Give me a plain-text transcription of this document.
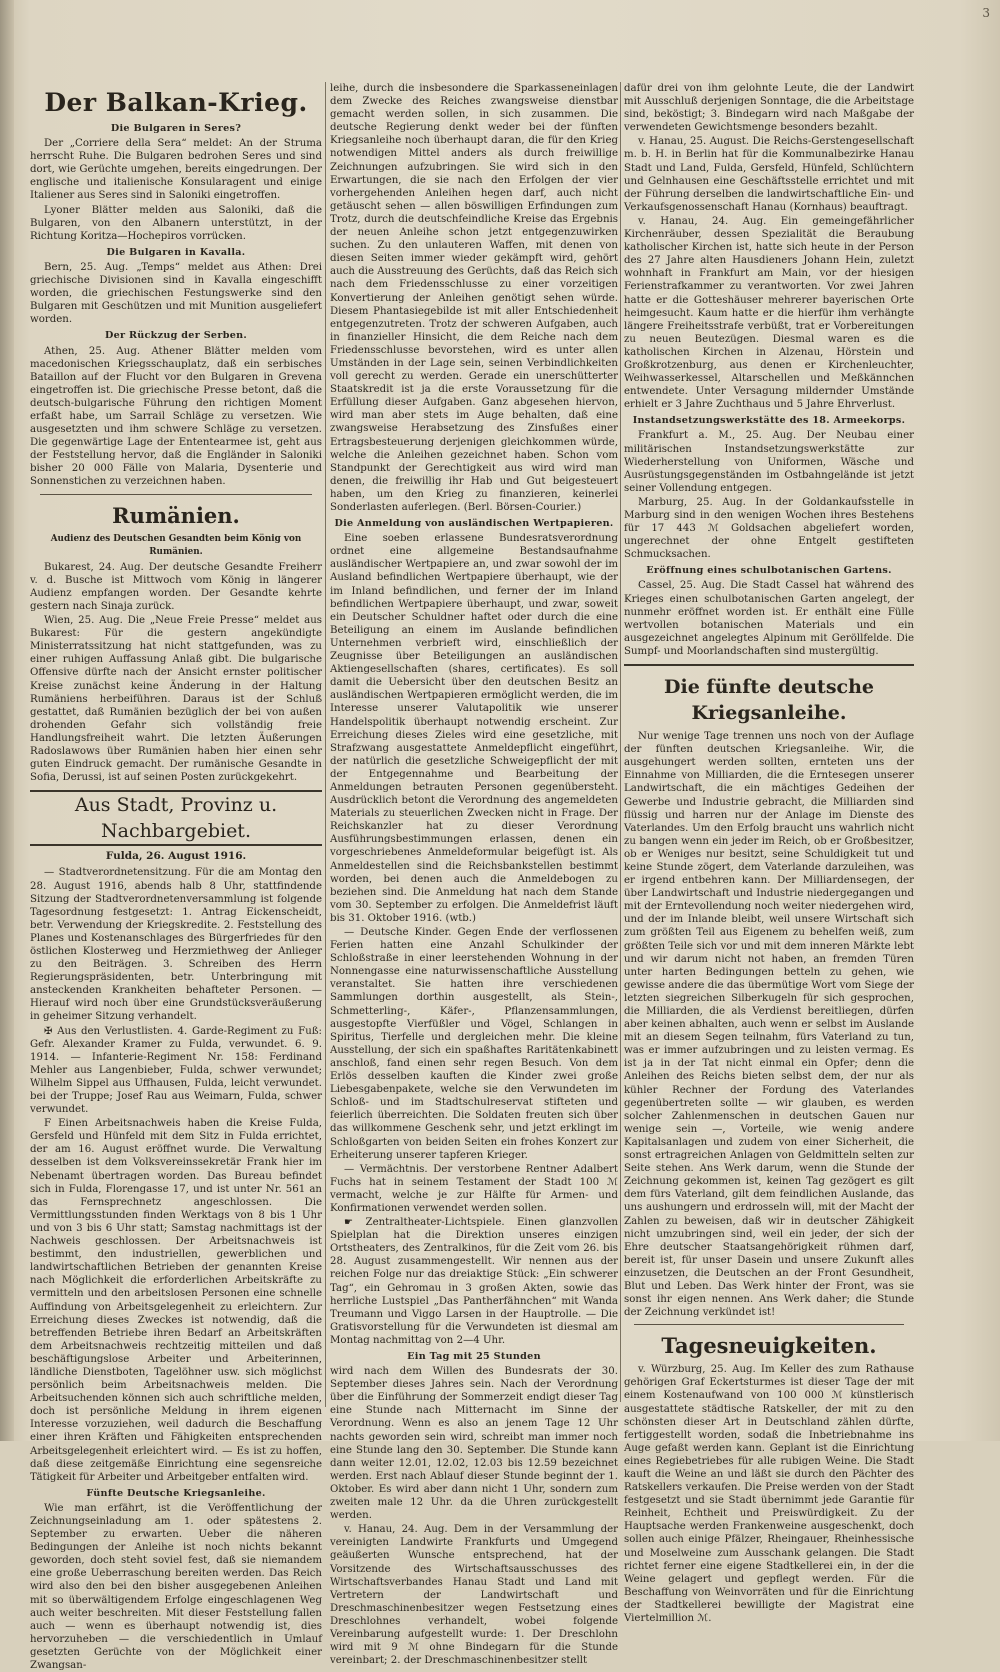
3
Der Balkan-Krieg.
Die Bulgaren in Seres?

Der „Corriere della Sera“ meldet: An der Struma herrscht Ruhe. Die Bulgaren bedrohen Seres und sind dort, wie Gerüchte umgehen, bereits eingedrungen. Der englische und italienische Konsularagent und einige Italiener aus Seres sind in Saloniki eingetroffen.

Lyoner Blätter melden aus Saloniki, daß die Bulgaren, von den Albanern unterstützt, in der Richtung Koritza—Hochepiros vorrücken.

Die Bulgaren in Kavalla.

Bern, 25. Aug. „Temps“ meldet aus Athen: Drei griechische Divisionen sind in Kavalla eingeschifft worden, die griechischen Festungswerke sind den Bulgaren mit Geschützen und mit Munition ausgeliefert worden.

Der Rückzug der Serben.

Athen, 25. Aug. Athener Blätter melden vom macedonischen Kriegsschauplatz, daß ein serbisches Bataillon auf der Flucht vor den Bulgaren in Grevena eingetroffen ist. Die griechische Presse betont, daß die deutsch-bulgarische Führung den richtigen Moment erfaßt habe, um Sarrail Schläge zu versetzen. Wie ausgesetzten und ihm schwere Schläge zu versetzen. Die gegenwärtige Lage der Ententearmee ist, geht aus der Feststellung hervor, daß die Engländer in Saloniki bisher 20 000 Fälle von Malaria, Dysenterie und Sonnenstichen zu verzeichnen haben.

Rumänien.
Audienz des Deutschen Gesandten beim König von Rumänien.

Bukarest, 24. Aug. Der deutsche Gesandte Freiherr v. d. Busche ist Mittwoch vom König in längerer Audienz empfangen worden. Der Gesandte kehrte gestern nach Sinaja zurück.

Wien, 25. Aug. Die „Neue Freie Presse“ meldet aus Bukarest: Für die gestern angekündigte Ministerratssitzung hat nicht stattgefunden, was zu einer ruhigen Auffassung Anlaß gibt. Die bulgarische Offensive dürfte nach der Ansicht ernster politischer Kreise zunächst keine Änderung in der Haltung Rumäniens herbeiführen. Daraus ist der Schluß gestattet, daß Rumänien bezüglich der bei von außen drohenden Gefahr sich vollständig freie Handlungsfreiheit wahrt. Die letzten Äußerungen Radoslawows über Rumänien haben hier einen sehr guten Eindruck gemacht. Der rumänische Gesandte in Sofia, Derussi, ist auf seinen Posten zurückgekehrt.

Aus Stadt, Provinz u. Nachbargebiet.
Fulda, 26. August 1916.

— Stadtverordnetensitzung. Für die am Montag den 28. August 1916, abends halb 8 Uhr, stattfindende Sitzung der Stadtverordnetenversammlung ist folgende Tagesordnung festgesetzt: 1. Antrag Eickenscheidt, betr. Verwendung der Kriegskredite. 2. Feststellung des Planes und Kostenanschlages des Bürgerfriedes für den östlichen Klosterweg und Herzmiethweg der Anlieger zu den Beiträgen. 3. Schreiben des Herrn Regierungspräsidenten, betr. Unterbringung mit ansteckenden Krankheiten behafteter Personen. — Hierauf wird noch über eine Grundstücksveräußerung in geheimer Sitzung verhandelt.

✠ Aus den Verlustlisten. 4. Garde-Regiment zu Fuß: Gefr. Alexander Kramer zu Fulda, verwundet. 6. 9. 1914. — Infanterie-Regiment Nr. 158: Ferdinand Mehler aus Langenbieber, Fulda, schwer verwundet; Wilhelm Sippel aus Uffhausen, Fulda, leicht verwundet. bei der Truppe; Josef Rau aus Weimarn, Fulda, schwer verwundet.

F Einen Arbeitsnachweis haben die Kreise Fulda, Gersfeld und Hünfeld mit dem Sitz in Fulda errichtet, der am 16. August eröffnet wurde. Die Verwaltung desselben ist dem Volksvereinssekretär Frank hier im Nebenamt übertragen worden. Das Bureau befindet sich in Fulda, Florengasse 17, und ist unter Nr. 561 an das Fernsprechnetz angeschlossen. Die Vermittlungsstunden finden Werktags von 8 bis 1 Uhr und von 3 bis 6 Uhr statt; Samstag nachmittags ist der Nachweis geschlossen. Der Arbeitsnachweis ist bestimmt, den industriellen, gewerblichen und landwirtschaftlichen Betrieben der genannten Kreise nach Möglichkeit die erforderlichen Arbeitskräfte zu vermitteln und den arbeitslosen Personen eine schnelle Auffindung von Arbeitsgelegenheit zu erleichtern. Zur Erreichung dieses Zweckes ist notwendig, daß die betreffenden Betriebe ihren Bedarf an Arbeitskräften dem Arbeitsnachweis rechtzeitig mitteilen und daß beschäftigungslose Arbeiter und Arbeiterinnen, ländliche Dienstboten, Tagelöhner usw. sich möglichst persönlich beim Arbeitsnachweis melden. Die Arbeitsuchenden können sich auch schriftliche melden, doch ist persönliche Meldung in ihrem eigenen Interesse vorzuziehen, weil dadurch die Beschaffung einer ihren Kräften und Fähigkeiten entsprechenden Arbeitsgelegenheit erleichtert wird. — Es ist zu hoffen, daß diese zeitgemäße Einrichtung eine segensreiche Tätigkeit für Arbeiter und Arbeitgeber entfalten wird.

Fünfte Deutsche Kriegsanleihe.

Wie man erfährt, ist die Veröffentlichung der Zeichnungseinladung am 1. oder spätestens 2. September zu erwarten. Ueber die näheren Bedingungen der Anleihe ist noch nichts bekannt geworden, doch steht soviel fest, daß sie niemandem eine große Ueberraschung bereiten werden. Das Reich wird also den bei den bisher ausgegebenen Anleihen mit so überwältigendem Erfolge eingeschlagenen Weg auch weiter beschreiten. Mit dieser Feststellung fallen auch — wenn es überhaupt notwendig ist, dies hervorzuheben — die verschiedentlich in Umlauf gesetzten Gerüchte von der Möglichkeit einer Zwangsan-

leihe, durch die insbesondere die Sparkasseneinlagen dem Zwecke des Reiches zwangsweise dienstbar gemacht werden sollen, in sich zusammen. Die deutsche Regierung denkt weder bei der fünften Kriegsanleihe noch überhaupt daran, die für den Krieg notwendigen Mittel anders als durch freiwillige Zeichnungen aufzubringen. Sie wird sich in den Erwartungen, die sie nach den Erfolgen der vier vorhergehenden Anleihen hegen darf, auch nicht getäuscht sehen — allen böswilligen Erfindungen zum Trotz, durch die deutschfeindliche Kreise das Ergebnis der neuen Anleihe schon jetzt entgegenzuwirken suchen. Zu den unlauteren Waffen, mit denen von diesen Seiten immer wieder gekämpft wird, gehört auch die Ausstreuung des Gerüchts, daß das Reich sich nach dem Friedensschlusse zu einer vorzeitigen Konvertierung der Anleihen genötigt sehen würde. Diesem Phantasiegebilde ist mit aller Entschiedenheit entgegenzutreten. Trotz der schweren Aufgaben, auch in finanzieller Hinsicht, die dem Reiche nach dem Friedensschlusse bevorstehen, wird es unter allen Umständen in der Lage sein, seinen Verbindlichkeiten voll gerecht zu werden. Gerade ein unerschütterter Staatskredit ist ja die erste Voraussetzung für die Erfüllung dieser Aufgaben. Ganz abgesehen hiervon, wird man aber stets im Auge behalten, daß eine zwangsweise Herabsetzung des Zinsfußes einer Ertragsbesteuerung derjenigen gleichkommen würde, welche die Anleihen gezeichnet haben. Schon vom Standpunkt der Gerechtigkeit aus wird wird man denen, die freiwillig ihr Hab und Gut beigesteuert haben, um den Krieg zu finanzieren, keinerlei Sonderlasten auferlegen. (Berl. Börsen-Courier.)

Die Anmeldung von ausländischen Wertpapieren.

Eine soeben erlassene Bundesratsverordnung ordnet eine allgemeine Bestandsaufnahme ausländischer Wertpapiere an, und zwar sowohl der im Ausland befindlichen Wertpapiere überhaupt, wie der im Inland befindlichen, und ferner der im Inland befindlichen Wertpapiere überhaupt, und zwar, soweit ein Deutscher Schuldner haftet oder durch die eine Beteiligung an einem im Auslande befindlichen Unternehmen verbrieft wird, einschließlich der Zeugnisse über Beteiligungen an ausländischen Aktiengesellschaften (shares, certificates). Es soll damit die Uebersicht über den deutschen Besitz an ausländischen Wertpapieren ermöglicht werden, die im Interesse unserer Valutapolitik wie unserer Handelspolitik überhaupt notwendig erscheint. Zur Erreichung dieses Zieles wird eine gesetzliche, mit Strafzwang ausgestattete Anmeldepflicht eingeführt, der natürlich die gesetzliche Schweigepflicht der mit der Entgegennahme und Bearbeitung der Anmeldungen betrauten Personen gegenübersteht. Ausdrücklich betont die Verordnung des angemeldeten Materials zu steuerlichen Zwecken nicht in Frage. Der Reichskanzler hat zu dieser Verordnung Ausführungsbestimmungen erlassen, denen ein vorgeschriebenes Anmeldeformular beigefügt ist. Als Anmeldestellen sind die Reichsbankstellen bestimmt worden, bei denen auch die Anmeldebogen zu beziehen sind. Die Anmeldung hat nach dem Stande vom 30. September zu erfolgen. Die Anmeldefrist läuft bis 31. Oktober 1916. (wtb.)

— Deutsche Kinder. Gegen Ende der verflossenen Ferien hatten eine Anzahl Schulkinder der Schloßstraße in einer leerstehenden Wohnung in der Nonnengasse eine naturwissenschaftliche Ausstellung veranstaltet. Sie hatten ihre verschiedenen Sammlungen dorthin ausgestellt, als Stein-, Schmetterling-, Käfer-, Pflanzensammlungen, ausgestopfte Vierfüßler und Vögel, Schlangen in Spiritus, Tierfelle und dergleichen mehr. Die kleine Ausstellung, der sich ein spaßhaftes Raritätenkabinett anschloß, fand einen sehr regen Besuch. Von dem Erlös desselben kauften die Kinder zwei große Liebesgabenpakete, welche sie den Verwundeten im Schloß- und im Stadtschulreservat stifteten und feierlich überreichten. Die Soldaten freuten sich über das willkommene Geschenk sehr, und jetzt erklingt im Schloßgarten von beiden Seiten ein frohes Konzert zur Erheiterung unserer tapferen Krieger.

— Vermächtnis. Der verstorbene Rentner Adalbert Fuchs hat in seinem Testament der Stadt 100 ℳ vermacht, welche je zur Hälfte für Armen- und Konfirmationen verwendet werden sollen.

☛ Zentraltheater-Lichtspiele. Einen glanzvollen Spielplan hat die Direktion unseres einzigen Ortstheaters, des Zentralkinos, für die Zeit vom 26. bis 28. August zusammengestellt. Wir nennen aus der reichen Folge nur das dreiaktige Stück: „Ein schwerer Tag“, ein Gehromau in 3 großen Akten, sowie das herrliche Lustspiel „Das Pantherfähnchen“ mit Wanda Treumann und Viggo Larsen in der Hauptrolle. — Die Gratisvorstellung für die Verwundeten ist diesmal am Montag nachmittag von 2—4 Uhr.

Ein Tag mit 25 Stunden

wird nach dem Willen des Bundesrats der 30. September dieses Jahres sein. Nach der Verordnung über die Einführung der Sommerzeit endigt dieser Tag eine Stunde nach Mitternacht im Sinne der Verordnung. Wenn es also an jenem Tage 12 Uhr nachts geworden sein wird, schreibt man immer noch eine Stunde lang den 30. September. Die Stunde kann dann weiter 12.01, 12.02, 12.03 bis 12.59 bezeichnet werden. Erst nach Ablauf dieser Stunde beginnt der 1. Oktober. Es wird aber dann nicht 1 Uhr, sondern zum zweiten male 12 Uhr. da die Uhren zurückgestellt werden.

v. Hanau, 24. Aug. Dem in der Versammlung der vereinigten Landwirte Frankfurts und Umgegend geäußerten Wunsche entsprechend, hat der Vorsitzende des Wirtschaftsausschusses des Wirtschaftsverbandes Hanau Stadt und Land mit Vertretern der Landwirtschaft und Dreschmaschinenbesitzer wegen Festsetzung eines Dreschlohnes verhandelt, wobei folgende Vereinbarung aufgestellt wurde: 1. Der Dreschlohn wird mit 9 ℳ ohne Bindegarn für die Stunde vereinbart; 2. der Dreschmaschinenbesitzer stellt

dafür drei von ihm gelohnte Leute, die der Landwirt mit Ausschluß derjenigen Sonntage, die die Arbeitstage sind, beköstigt; 3. Bindegarn wird nach Maßgabe der verwendeten Gewichtsmenge besonders bezahlt.

v. Hanau, 25. August. Die Reichs-Gerstengesellschaft m. b. H. in Berlin hat für die Kommunalbezirke Hanau Stadt und Land, Fulda, Gersfeld, Hünfeld, Schlüchtern und Gelnhausen eine Geschäftsstelle errichtet und mit der Führung derselben die landwirtschaftliche Ein- und Verkaufsgenossenschaft Hanau (Kornhaus) beauftragt.

v. Hanau, 24. Aug. Ein gemeingefährlicher Kirchenräuber, dessen Spezialität die Beraubung katholischer Kirchen ist, hatte sich heute in der Person des 27 Jahre alten Hausdieners Johann Hein, zuletzt wohnhaft in Frankfurt am Main, vor der hiesigen Ferienstrafkammer zu verantworten. Vor zwei Jahren hatte er die Gotteshäuser mehrerer bayerischen Orte heimgesucht. Kaum hatte er die hierfür ihm verhängte längere Freiheitsstrafe verbüßt, trat er Vorbereitungen zu neuen Beutezügen. Diesmal waren es die katholischen Kirchen in Alzenau, Hörstein und Großkrotzenburg, aus denen er Kirchenleuchter, Weihwasserkessel, Altarschellen und Meßkännchen entwendete. Unter Versagung mildernder Umstände erhielt er 3 Jahre Zuchthaus und 5 Jahre Ehrverlust.

Instandsetzungswerkstätte des 18. Armeekorps.

Frankfurt a. M., 25. Aug. Der Neubau einer militärischen Instandsetzungswerkstätte zur Wiederherstellung von Uniformen, Wäsche und Ausrüstungsgegenständen im Ostbahngelände ist jetzt seiner Vollendung entgegen.

Marburg, 25. Aug. In der Goldankaufsstelle in Marburg sind in den wenigen Wochen ihres Bestehens für 17 443 ℳ Goldsachen abgeliefert worden, ungerechnet der ohne Entgelt gestifteten Schmucksachen.

Eröffnung eines schulbotanischen Gartens.

Cassel, 25. Aug. Die Stadt Cassel hat während des Krieges einen schulbotanischen Garten angelegt, der nunmehr eröffnet worden ist. Er enthält eine Fülle wertvollen botanischen Materials und ein ausgezeichnet angelegtes Alpinum mit Geröllfelde. Die Sumpf- und Moorlandschaften sind mustergültig.

Die fünfte deutsche Kriegsanleihe.

Nur wenige Tage trennen uns noch von der Auflage der fünften deutschen Kriegsanleihe. Wir, die ausgehungert werden sollten, ernteten uns der Einnahme von Milliarden, die die Erntesegen unserer Landwirtschaft, die ein mächtiges Gedeihen der Gewerbe und Industrie gebracht, die Milliarden sind flüssig und harren nur der Anlage im Dienste des Vaterlandes. Um den Erfolg braucht uns wahrlich nicht zu bangen wenn ein jeder im Reich, ob er Großbesitzer, ob er Weniges nur besitzt, seine Schuldigkeit tut und keine Stunde zögert, dem Vaterlande darzuleihen, was er irgend entbehren kann. Der Milliardensegen, der über Landwirtschaft und Industrie niedergegangen und mit der Erntevollendung noch weiter niedergehen wird, und der im Inlande bleibt, weil unsere Wirtschaft sich zum größten Teil aus Eigenem zu behelfen weiß, zum größten Teile sich vor und mit dem inneren Märkte lebt und wir darum nicht not haben, an fremden Türen unter harten Bedingungen betteln zu gehen, wie gewisse andere die das übermütige Wort vom Siege der letzten siegreichen Silberkugeln für sich gesprochen, die Milliarden, die als Verdienst bereitliegen, dürfen aber keinen abhalten, auch wenn er selbst im Auslande mit an diesem Segen teilnahm, fürs Vaterland zu tun, was er immer aufzubringen und zu leisten vermag. Es ist ja in der Tat nicht einmal ein Opfer; denn die Anleihen des Reichs bieten selbst dem, der nur als kühler Rechner der Fordung des Vaterlandes gegenübertreten sollte — wir glauben, es werden solcher Zahlenmenschen in deutschen Gauen nur wenige sein —, Vorteile, wie wenig andere Kapitalsanlagen und zudem von einer Sicherheit, die sonst ertragreichen Anlagen von Geldmitteln selten zur Seite stehen. Ans Werk darum, wenn die Stunde der Zeichnung gekommen ist, keinen Tag gezögert es gilt dem fürs Vaterland, gilt dem feindlichen Auslande, das uns aushungern und erdrosseln will, mit der Macht der Zahlen zu beweisen, daß wir in deutscher Zähigkeit nicht umzubringen sind, weil ein jeder, der sich der Ehre deutscher Staatsangehörigkeit rühmen darf, bereit ist, für unser Dasein und unsere Zukunft alles einzusetzen, die Deutschen an der Front Gesundheit, Blut und Leben. Das Werk hinter der Front, was sie sonst ihr eigen nennen. Ans Werk daher; die Stunde der Zeichnung verkündet ist!

Tagesneuigkeiten.

v. Würzburg, 25. Aug. Im Keller des zum Rathause gehörigen Graf Eckertsturmes ist dieser Tage der mit einem Kostenaufwand von 100 000 ℳ künstlerisch ausgestattete städtische Ratskeller, der mit zu den schönsten dieser Art in Deutschland zählen dürfte, fertiggestellt worden, sodaß die Inbetriebnahme ins Auge gefaßt werden kann. Geplant ist die Einrichtung eines Regiebetriebes für alle rubigen Weine. Die Stadt kauft die Weine an und läßt sie durch den Pächter des Ratskellers verkaufen. Die Preise werden von der Stadt festgesetzt und sie Stadt übernimmt jede Garantie für Reinheit, Echtheit und Preiswürdigkeit. Zu der Hauptsache werden Frankenweine ausgeschenkt, doch sollen auch einige Pfälzer, Rheingauer, Rheinhessische und Moselweine zum Ausschank gelangen. Die Stadt richtet ferner eine eigene Stadtkellerei ein, in der die Weine gelagert und gepflegt werden. Für die Beschaffung von Weinvorräten und für die Einrichtung der Stadtkellerei bewilligte der Magistrat eine Viertelmillion ℳ.
